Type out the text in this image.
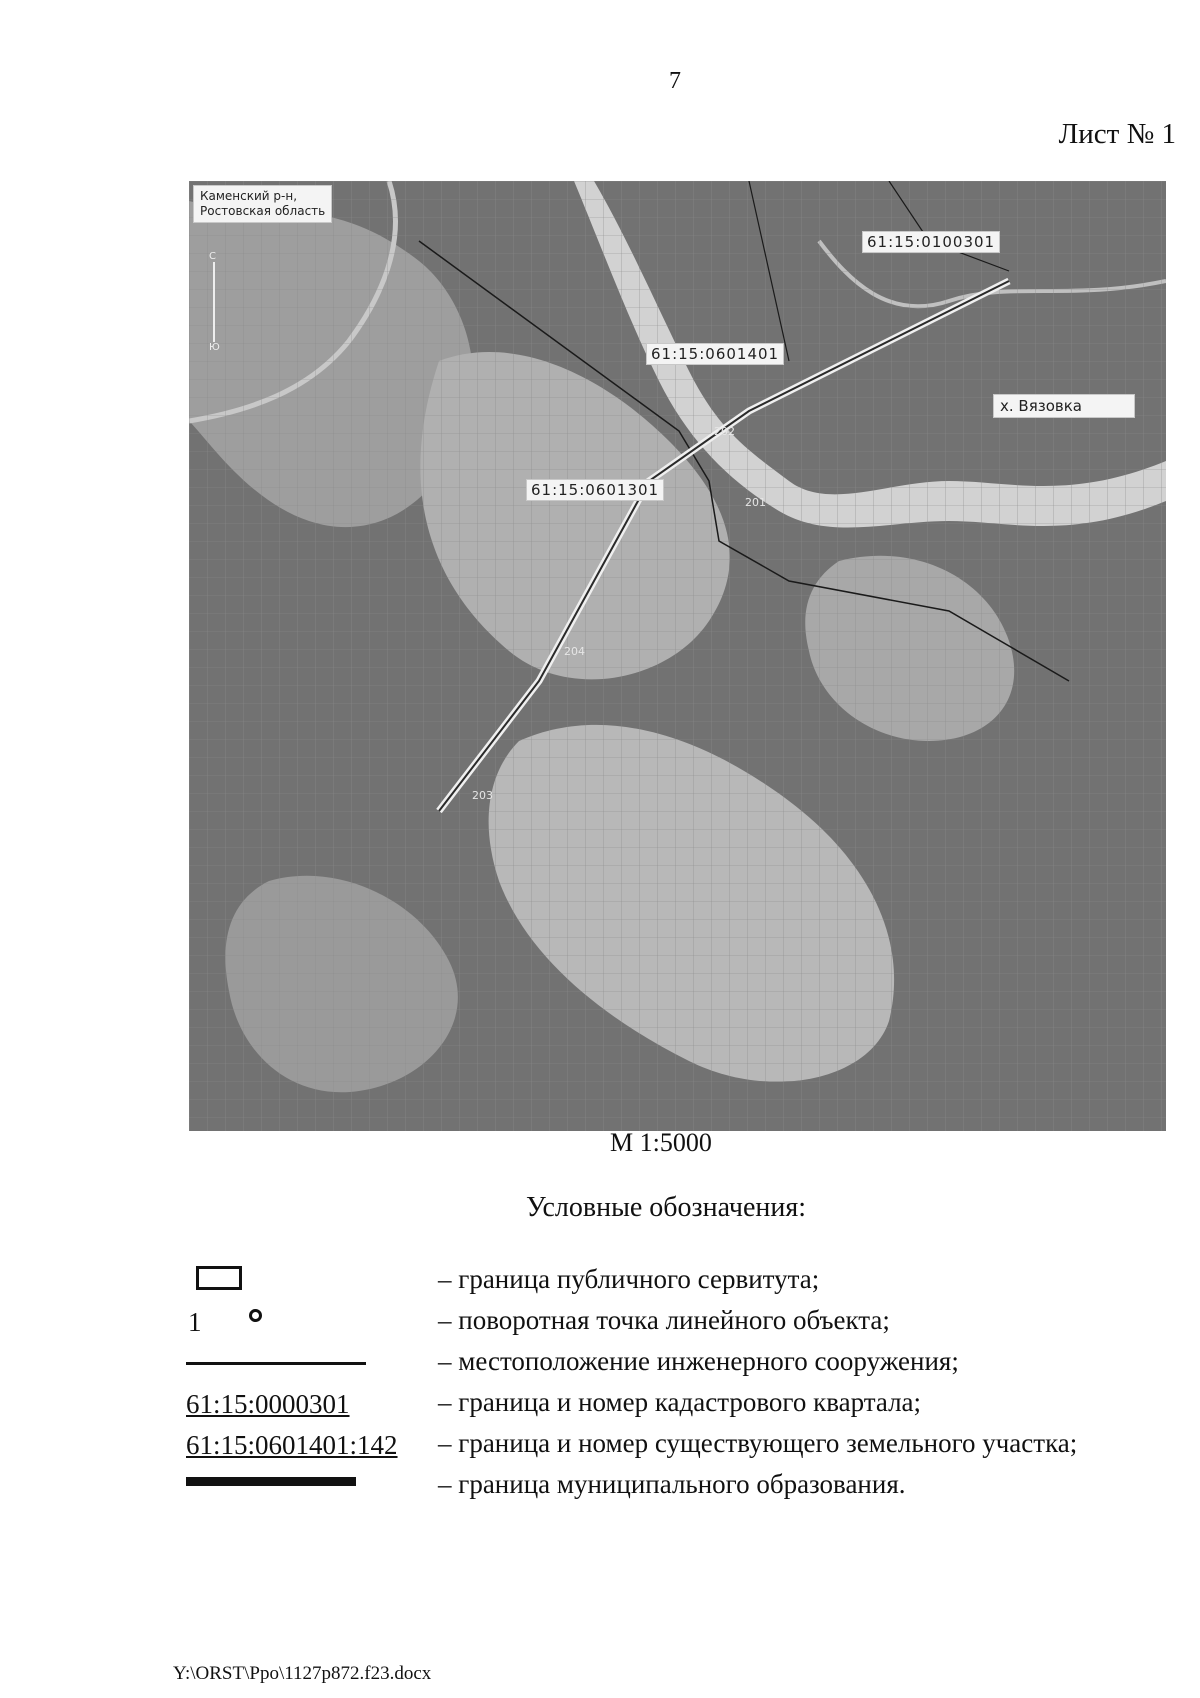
7
Лист № 1
Каменский р-н,
Ростовская область
С
Ю
61:15:0100301
61:15:0601401
61:15:0601301
х. Вязовка
202
201
204
203
М 1:5000
Условные обозначения:
– граница публичного сервитута;
1	– поворотная точка линейного объекта;
– местоположение инженерного сооружения;
61:15:0000301	– граница и номер кадастрового квартала;
61:15:0601401:142 – граница и номер существующего земельного участка;
– граница муниципального образования.
Y:\ORST\Ppo\1127p872.f23.docx
